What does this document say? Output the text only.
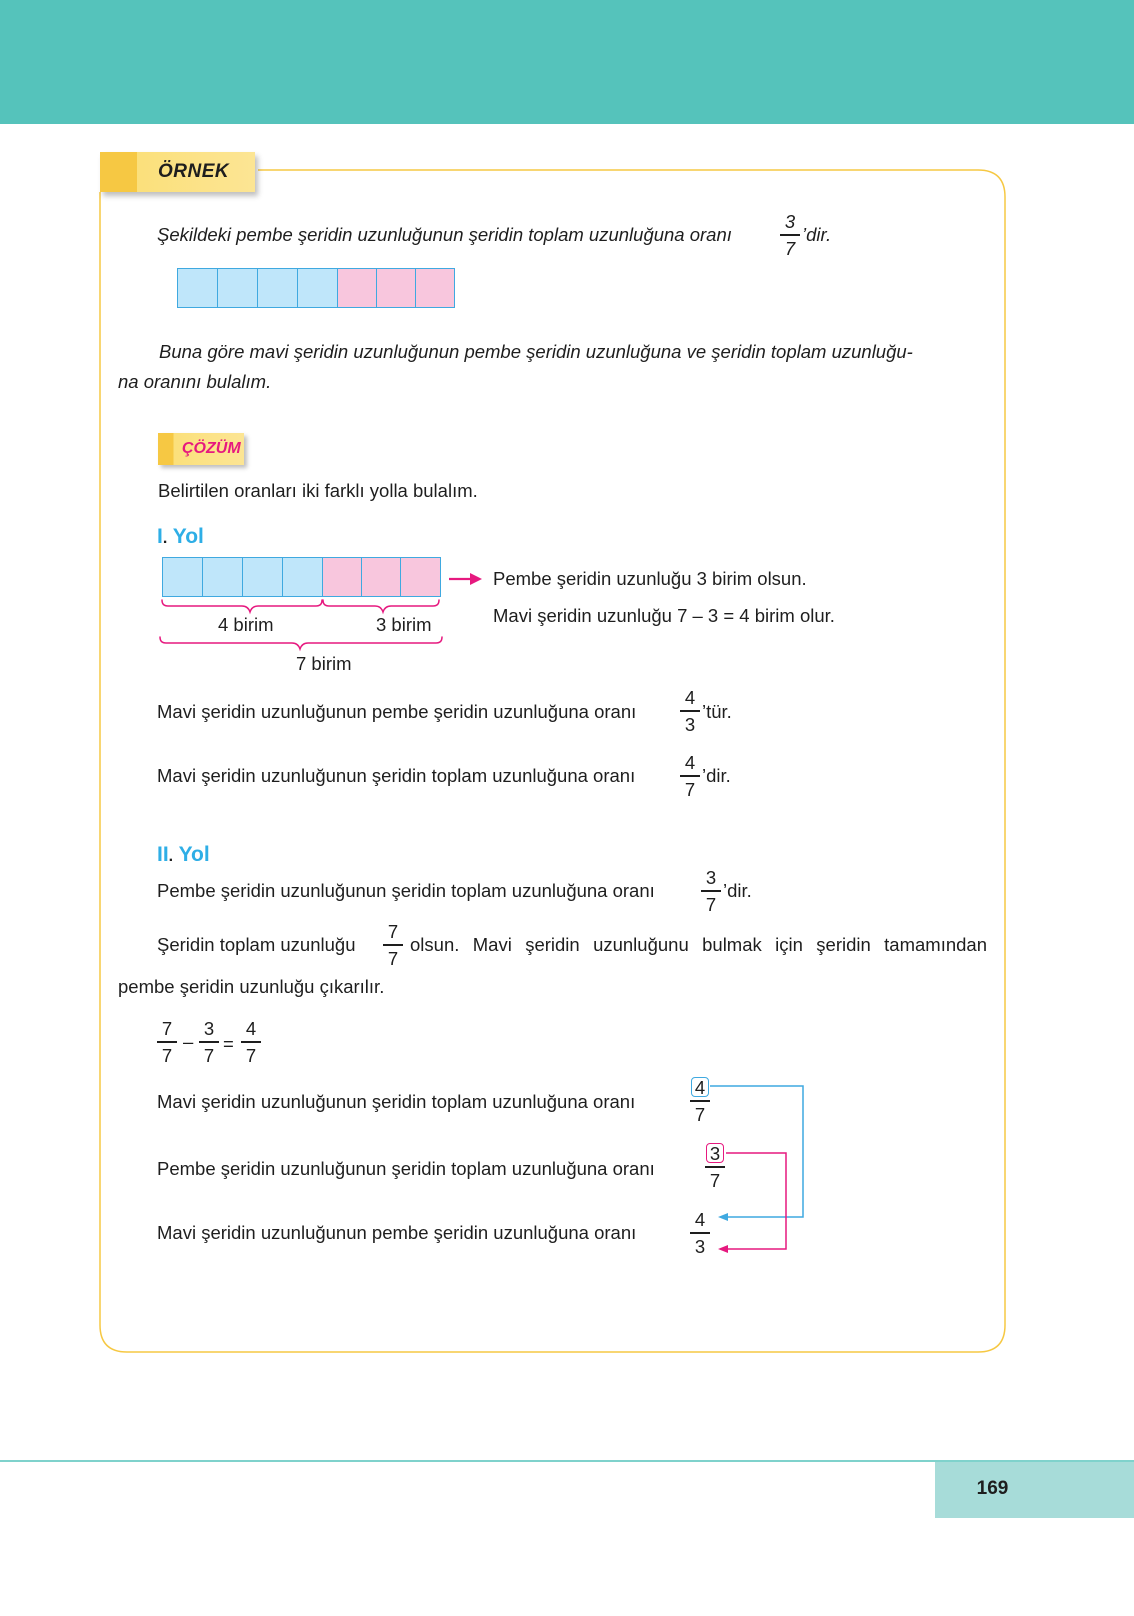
ÖRNEK
Şekildeki pembe şeridin uzunluğunun şeridin toplam uzunluğuna oranı
3
7
’dir.
Buna göre mavi şeridin uzunluğunun pembe şeridin uzunluğuna ve şeridin toplam uzunluğu-
na oranını bulalım.
ÇÖZÜM
Belirtilen oranları iki farklı yolla bulalım.
I. Yol
Pembe şeridin uzunluğu 3 birim olsun.
Mavi şeridin uzunluğu 7 – 3 = 4 birim olur.
4 birim	3 birim
7 birim
Mavi şeridin uzunluğunun pembe şeridin uzunluğuna oranı
4
3
’tür.
Mavi şeridin uzunluğunun şeridin toplam uzunluğuna oranı
4
7
’dir.
II. Yol
Pembe şeridin uzunluğunun şeridin toplam uzunluğuna oranı
3
7
’dir.
Şeridin toplam uzunluğu
7
7
olsun. Mavi şeridin uzunluğunu bulmak için şeridin tamamından
pembe şeridin uzunluğu çıkarılır.
7
7
–
3
7
=
4
7
Mavi şeridin uzunluğunun şeridin toplam uzunluğuna oranı	$\frac{4}{7}$
Pembe şeridin uzunluğunun şeridin toplam uzunluğuna oranı	$\frac{3}{7}$
Mavi şeridin uzunluğunun pembe şeridin uzunluğuna oranı
4
3
169
